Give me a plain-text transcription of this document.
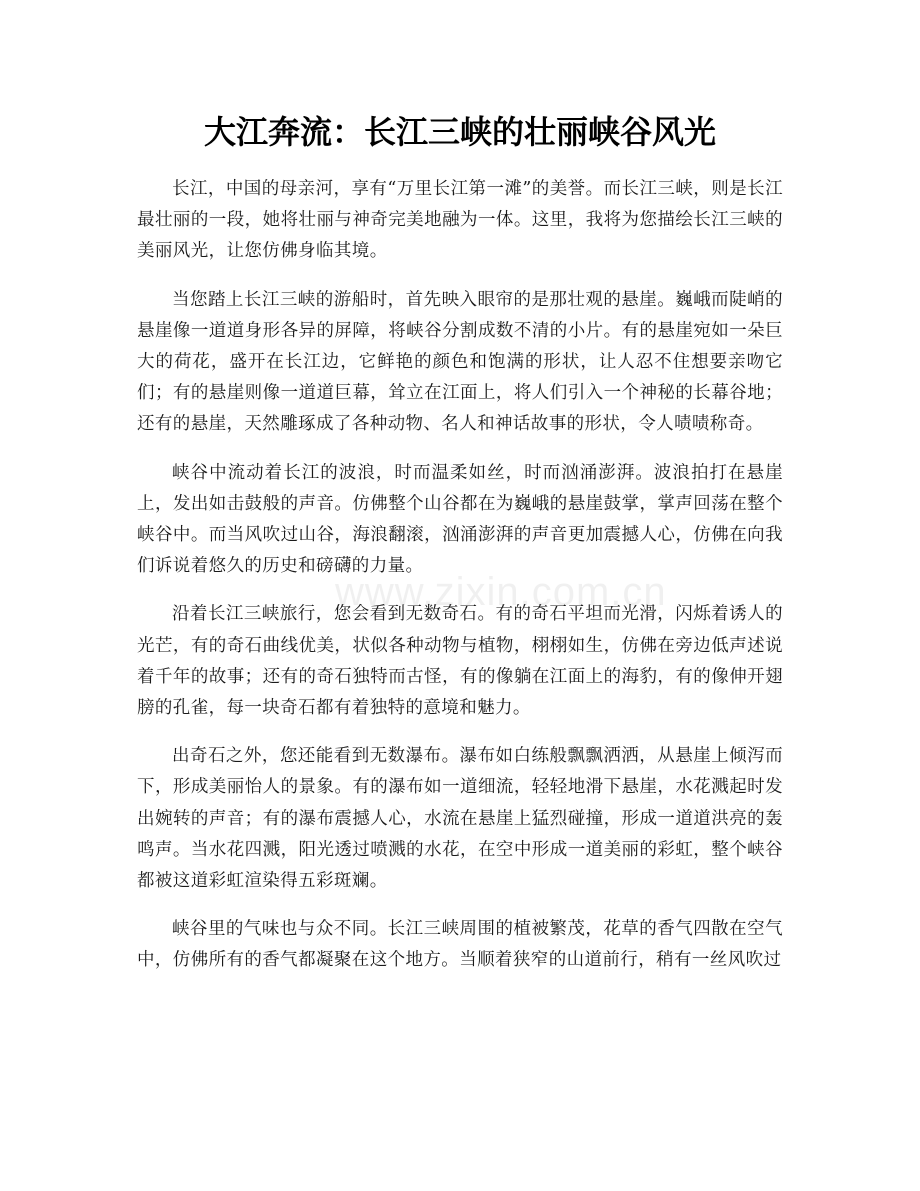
大江奔流：长江三峡的壮丽峡谷风光

长江，中国的母亲河，享有“万里长江第一滩”的美誉。而长江三峡，则是长江最壮丽的一段，她将壮丽与神奇完美地融为一体。这里，我将为您描绘长江三峡的美丽风光，让您仿佛身临其境。

当您踏上长江三峡的游船时，首先映入眼帘的是那壮观的悬崖。巍峨而陡峭的悬崖像一道道身形各异的屏障，将峡谷分割成数不清的小片。有的悬崖宛如一朵巨大的荷花，盛开在长江边，它鲜艳的颜色和饱满的形状，让人忍不住想要亲吻它们；有的悬崖则像一道道巨幕，耸立在江面上，将人们引入一个神秘的长幕谷地；还有的悬崖，天然雕琢成了各种动物、名人和神话故事的形状，令人啧啧称奇。

峡谷中流动着长江的波浪，时而温柔如丝，时而汹涌澎湃。波浪拍打在悬崖上，发出如击鼓般的声音。仿佛整个山谷都在为巍峨的悬崖鼓掌，掌声回荡在整个峡谷中。而当风吹过山谷，海浪翻滚，汹涌澎湃的声音更加震撼人心，仿佛在向我们诉说着悠久的历史和磅礴的力量。

沿着长江三峡旅行，您会看到无数奇石。有的奇石平坦而光滑，闪烁着诱人的光芒，有的奇石曲线优美，状似各种动物与植物，栩栩如生，仿佛在旁边低声述说着千年的故事；还有的奇石独特而古怪，有的像躺在江面上的海豹，有的像伸开翅膀的孔雀，每一块奇石都有着独特的意境和魅力。

出奇石之外，您还能看到无数瀑布。瀑布如白练般飘飘洒洒，从悬崖上倾泻而下，形成美丽怡人的景象。有的瀑布如一道细流，轻轻地滑下悬崖，水花溅起时发出婉转的声音；有的瀑布震撼人心，水流在悬崖上猛烈碰撞，形成一道道洪亮的轰鸣声。当水花四溅，阳光透过喷溅的水花，在空中形成一道美丽的彩虹，整个峡谷都被这道彩虹渲染得五彩斑斓。

峡谷里的气味也与众不同。长江三峡周围的植被繁茂，花草的香气四散在空气中，仿佛所有的香气都凝聚在这个地方。当顺着狭窄的山道前行，稍有一丝风吹过

www.zixin.com.cn
